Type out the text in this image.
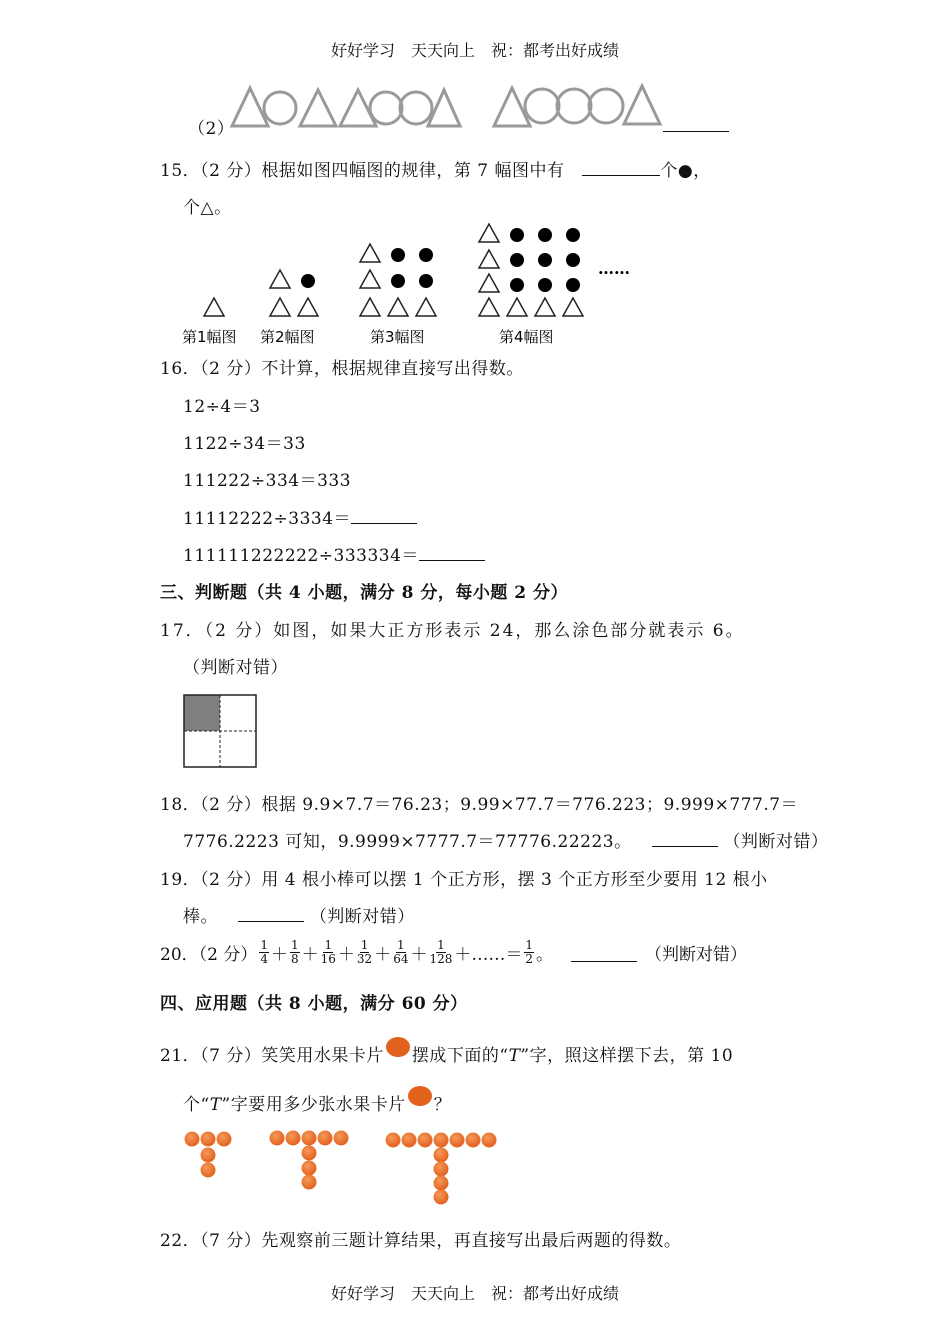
好好学习　天天向上　祝：都考出好成绩
（2）
15．（2 分）根据如图四幅图的规律，第 7 幅图中有	个●，
个△。
……
第1幅图 第2幅图	第3幅图	第4幅图
16．（2 分）不计算，根据规律直接写出得数。
12÷4＝3
1122÷34＝33
111222÷334＝333
11112222÷3334＝
111111222222÷333334＝
三、判断题（共 4 小题，满分 8 分，每小题 2 分）
17．（2 分）如图，如果大正方形表示 24，那么涂色部分就表示 6。
（判断对错）
18．（2 分）根据 9.9×7.7＝76.23；9.99×77.7＝776.223；9.999×777.7＝
7776.2223 可知，9.9999×7777.7＝77776.22223。	（判断对错）
19．（2 分）用 4 根小棒可以摆 1 个正方形，摆 3 个正方形至少要用 12 根小
棒。	（判断对错）
20．（2 分） $\frac{1}{4} + \frac{1}{8} + \frac{1}{16} + \frac{1}{32} + \frac{1}{64} + \frac{1}{128}$ ＋……＝ $\frac{1}{2}$ 。	（判断对错）
四、应用题（共 8 小题，满分 60 分）
21．（7 分）笑笑用水果卡片 摆成下面的“T”字，照这样摆下去，第 10
个“T”字要用多少张水果卡片 ？
22．（7 分）先观察前三题计算结果，再直接写出最后两题的得数。
好好学习　天天向上　祝：都考出好成绩
